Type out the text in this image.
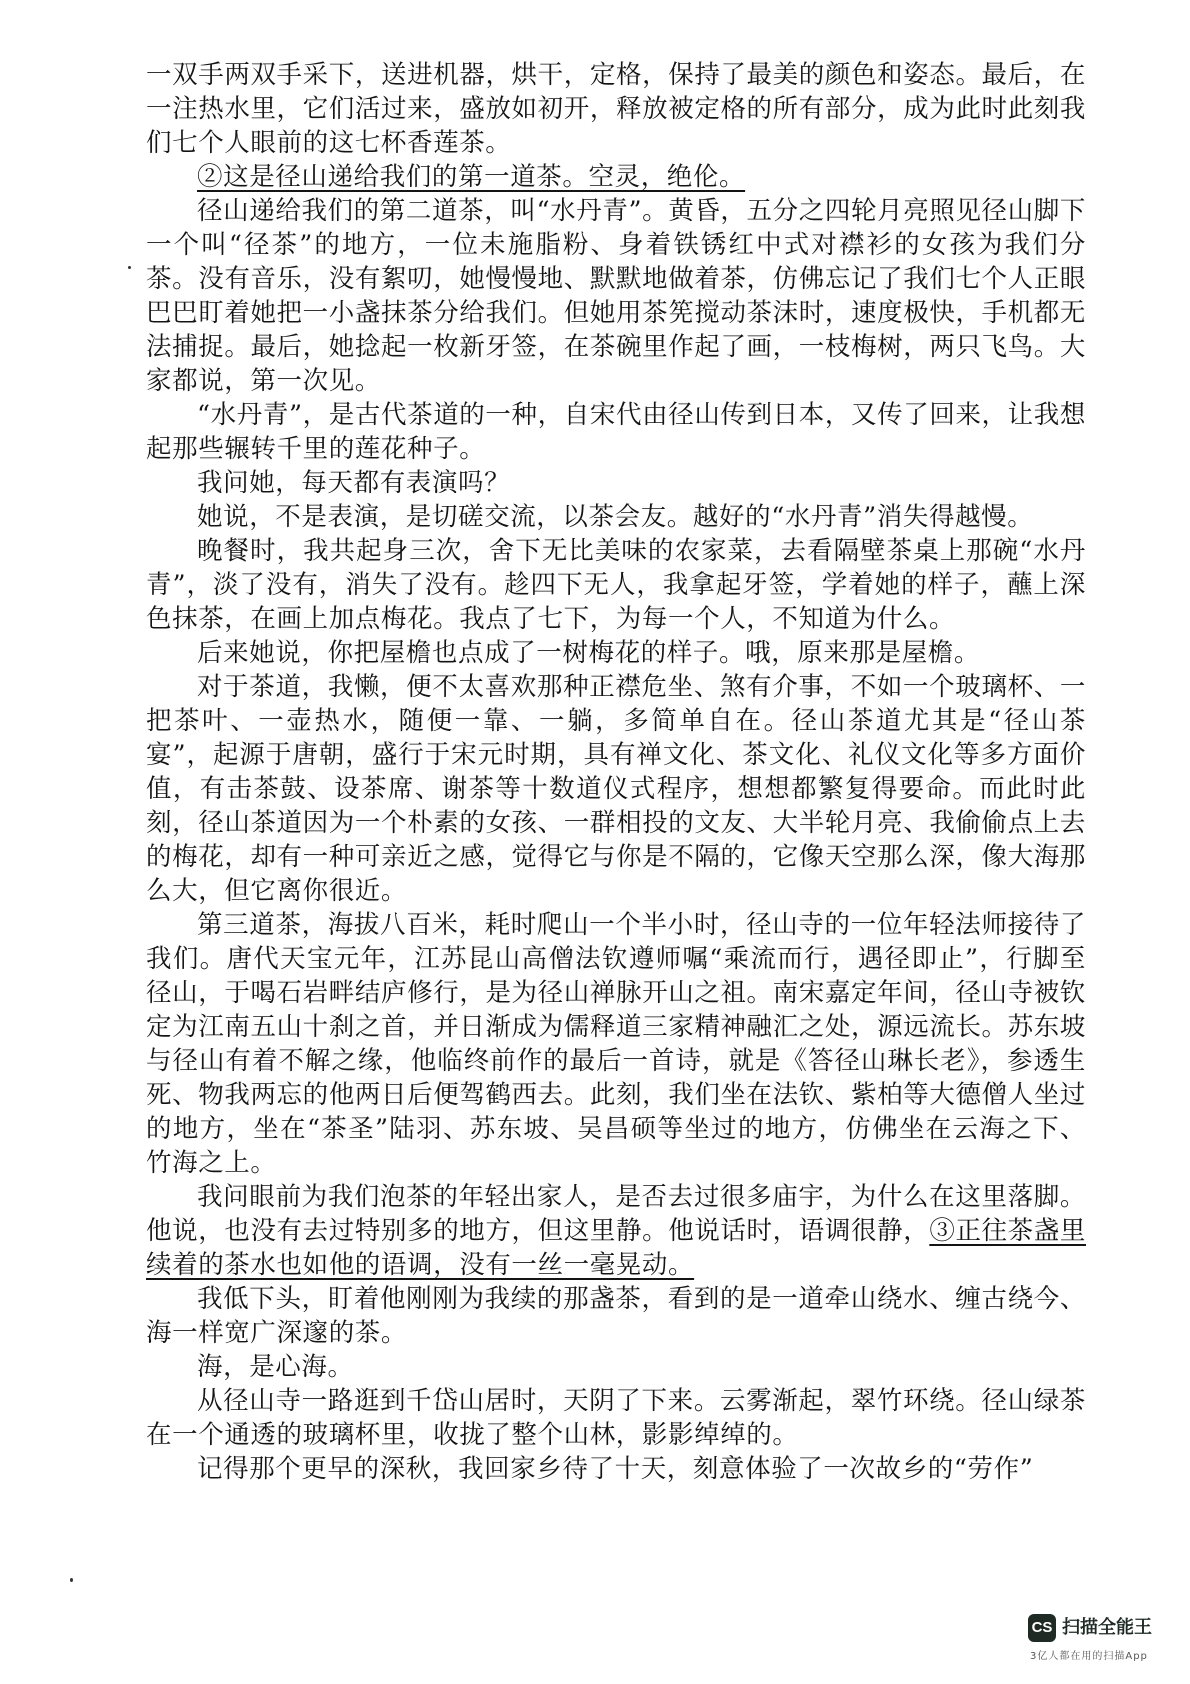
一双手两双手采下，送进机器，烘干，定格，保持了最美的颜色和姿态。最后，在一注热水里，它们活过来，盛放如初开，释放被定格的所有部分，成为此时此刻我们七个人眼前的这七杯香莲茶。

②这是径山递给我们的第一道茶。空灵，绝伦。

径山递给我们的第二道茶，叫“水丹青”。黄昏，五分之四轮月亮照见径山脚下一个叫“径茶”的地方，一位未施脂粉、身着铁锈红中式对襟衫的女孩为我们分茶。没有音乐，没有絮叨，她慢慢地、默默地做着茶，仿佛忘记了我们七个人正眼巴巴盯着她把一小盏抹茶分给我们。但她用茶筅搅动茶沫时，速度极快，手机都无法捕捉。最后，她捻起一枚新牙签，在茶碗里作起了画，一枝梅树，两只飞鸟。大家都说，第一次见。

“水丹青”，是古代茶道的一种，自宋代由径山传到日本，又传了回来，让我想起那些辗转千里的莲花种子。

我问她，每天都有表演吗？

她说，不是表演，是切磋交流，以茶会友。越好的“水丹青”消失得越慢。

晚餐时，我共起身三次，舍下无比美味的农家菜，去看隔壁茶桌上那碗“水丹青”，淡了没有，消失了没有。趁四下无人，我拿起牙签，学着她的样子，蘸上深色抹茶，在画上加点梅花。我点了七下，为每一个人，不知道为什么。

后来她说，你把屋檐也点成了一树梅花的样子。哦，原来那是屋檐。

对于茶道，我懒，便不太喜欢那种正襟危坐、煞有介事，不如一个玻璃杯、一把茶叶、一壶热水，随便一靠、一躺，多简单自在。径山茶道尤其是“径山茶宴”，起源于唐朝，盛行于宋元时期，具有禅文化、茶文化、礼仪文化等多方面价值，有击茶鼓、设茶席、谢茶等十数道仪式程序，想想都繁复得要命。而此时此刻，径山茶道因为一个朴素的女孩、一群相投的文友、大半轮月亮、我偷偷点上去的梅花，却有一种可亲近之感，觉得它与你是不隔的，它像天空那么深，像大海那么大，但它离你很近。

第三道茶，海拔八百米，耗时爬山一个半小时，径山寺的一位年轻法师接待了我们。唐代天宝元年，江苏昆山高僧法钦遵师嘱“乘流而行，遇径即止”，行脚至径山，于喝石岩畔结庐修行，是为径山禅脉开山之祖。南宋嘉定年间，径山寺被钦定为江南五山十刹之首，并日渐成为儒释道三家精神融汇之处，源远流长。苏东坡与径山有着不解之缘，他临终前作的最后一首诗，就是《答径山琳长老》，参透生死、物我两忘的他两日后便驾鹤西去。此刻，我们坐在法钦、紫柏等大德僧人坐过的地方，坐在“茶圣”陆羽、苏东坡、吴昌硕等坐过的地方，仿佛坐在云海之下、竹海之上。

我问眼前为我们泡茶的年轻出家人，是否去过很多庙宇，为什么在这里落脚。他说，也没有去过特别多的地方，但这里静。他说话时，语调很静，③正往茶盏里续着的茶水也如他的语调，没有一丝一毫晃动。

我低下头，盯着他刚刚为我续的那盏茶，看到的是一道牵山绕水、缠古绕今、海一样宽广深邃的茶。

海，是心海。

从径山寺一路逛到千岱山居时，天阴了下来。云雾渐起，翠竹环绕。径山绿茶在一个通透的玻璃杯里，收拢了整个山林，影影绰绰的。

记得那个更早的深秋，我回家乡待了十天，刻意体验了一次故乡的“劳作”

CS 扫描全能王
3亿人都在用的扫描App
